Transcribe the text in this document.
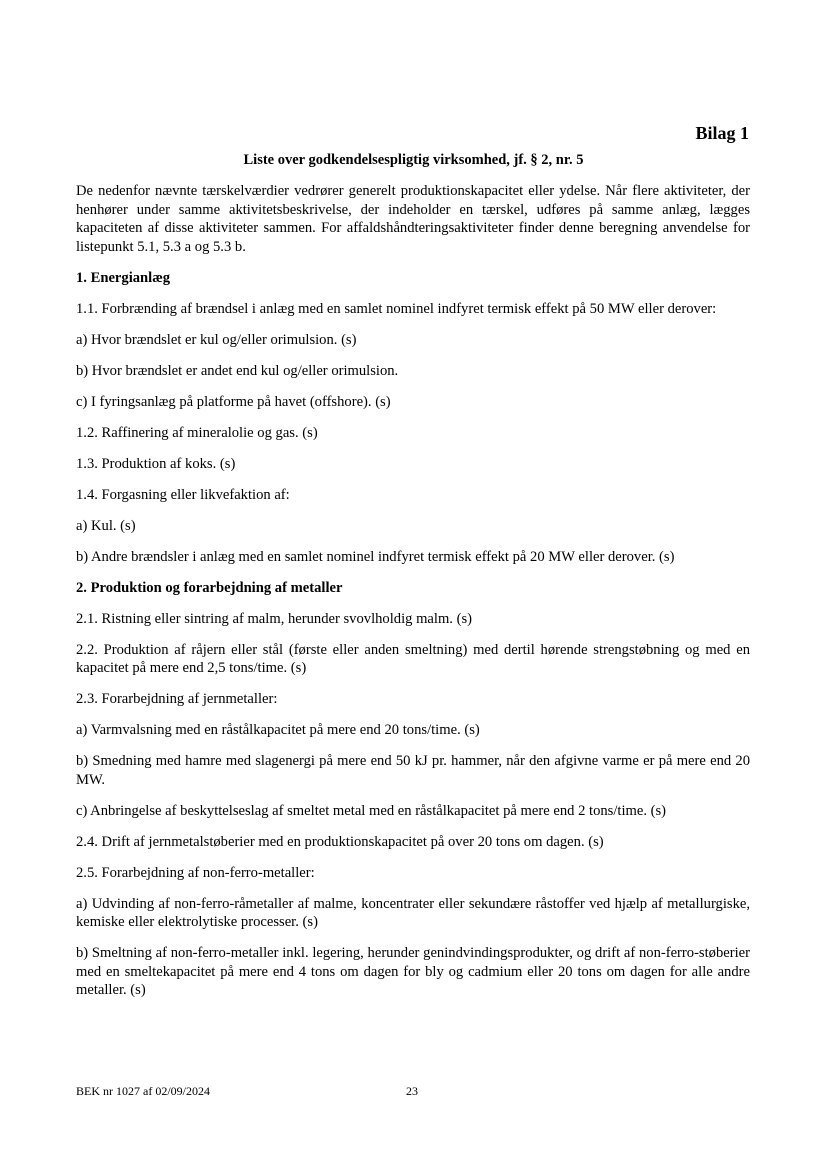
Bilag 1
Liste over godkendelsespligtig virksomhed, jf. § 2, nr. 5

De nedenfor nævnte tærskelværdier vedrører generelt produktionskapacitet eller ydelse. Når flere aktiviteter, der henhører under samme aktivitetsbeskrivelse, der indeholder en tærskel, udføres på samme anlæg, lægges kapaciteten af disse aktiviteter sammen. For affaldshåndteringsaktiviteter finder denne beregning anvendelse for listepunkt 5.1, 5.3 a og 5.3 b.

1. Energianlæg

1.1. Forbrænding af brændsel i anlæg med en samlet nominel indfyret termisk effekt på 50 MW eller derover:

a) Hvor brændslet er kul og/eller orimulsion. (s)

b) Hvor brændslet er andet end kul og/eller orimulsion.

c) I fyringsanlæg på platforme på havet (offshore). (s)

1.2. Raffinering af mineralolie og gas. (s)

1.3. Produktion af koks. (s)

1.4. Forgasning eller likvefaktion af:

a) Kul. (s)

b) Andre brændsler i anlæg med en samlet nominel indfyret termisk effekt på 20 MW eller derover. (s)

2. Produktion og forarbejdning af metaller

2.1. Ristning eller sintring af malm, herunder svovlholdig malm. (s)

2.2. Produktion af råjern eller stål (første eller anden smeltning) med dertil hørende strengstøbning og med en kapacitet på mere end 2,5 tons/time. (s)

2.3. Forarbejdning af jernmetaller:

a) Varmvalsning med en råstålkapacitet på mere end 20 tons/time. (s)

b) Smedning med hamre med slagenergi på mere end 50 kJ pr. hammer, når den afgivne varme er på mere end 20 MW.

c) Anbringelse af beskyttelseslag af smeltet metal med en råstålkapacitet på mere end 2 tons/time. (s)

2.4. Drift af jernmetalstøberier med en produktionskapacitet på over 20 tons om dagen. (s)

2.5. Forarbejdning af non-ferro-metaller:

a) Udvinding af non-ferro-råmetaller af malme, koncentrater eller sekundære råstoffer ved hjælp af metallurgiske, kemiske eller elektrolytiske processer. (s)

b) Smeltning af non-ferro-metaller inkl. legering, herunder genindvindingsprodukter, og drift af non-ferro-støberier med en smeltekapacitet på mere end 4 tons om dagen for bly og cadmium eller 20 tons om dagen for alle andre metaller. (s)

BEK nr 1027 af 02/09/2024	23
